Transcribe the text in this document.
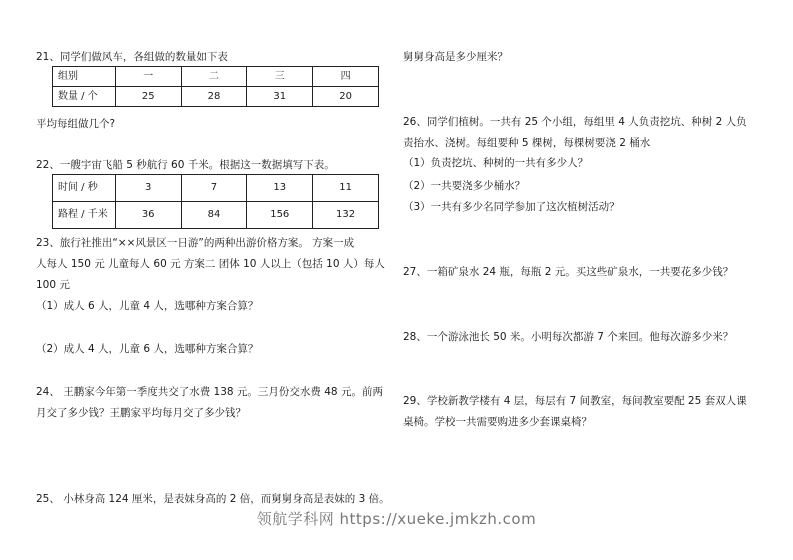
21、同学们做风车，各组做的数量如下表
组别	一	二	三	四
数量 / 个	25	28	31	20
平均每组做几个?
22、一艘宇宙飞船 5 秒航行 60 千米。根据这一数据填写下表。
时间 / 秒	3	7	13	11
路程 / 千米	36	84	156	132
23、旅行社推出“××风景区一日游”的两种出游价格方案。 方案一成
人每人 150 元 儿童每人 60 元 方案二 团体 10 人以上（包括 10 人）每人
100 元
（1）成人 6 人，儿童 4 人，选哪种方案合算？
（2）成人 4 人，儿童 6 人，选哪种方案合算？
24、 王鹏家今年第一季度共交了水费 138 元。三月份交水费 48 元。前两
月交了多少钱？王鹏家平均每月交了多少钱？
25、 小林身高 124 厘米，是表妹身高的 2 倍，而舅舅身高是表妹的 3 倍。
舅舅身高是多少厘米？
26、同学们植树。一共有 25 个小组，每组里 4 人负责挖坑、种树 2 人负
责抬水、浇树。每组要种 5 棵树，每棵树要浇 2 桶水
（1）负责挖坑、种树的一共有多少人？
（2）一共要浇多少桶水？
（3）一共有多少名同学参加了这次植树活动？
27、一箱矿泉水 24 瓶，每瓶 2 元。买这些矿泉水，一共要花多少钱？
28、一个游泳池长 50 米。小明每次都游 7 个来回。他每次游多少米？
29、学校新教学楼有 4 层，每层有 7 间教室，每间教室要配 25 套双人课
桌椅。学校一共需要购进多少套课桌椅？
领航学科网 https://xueke.jmkzh.com
